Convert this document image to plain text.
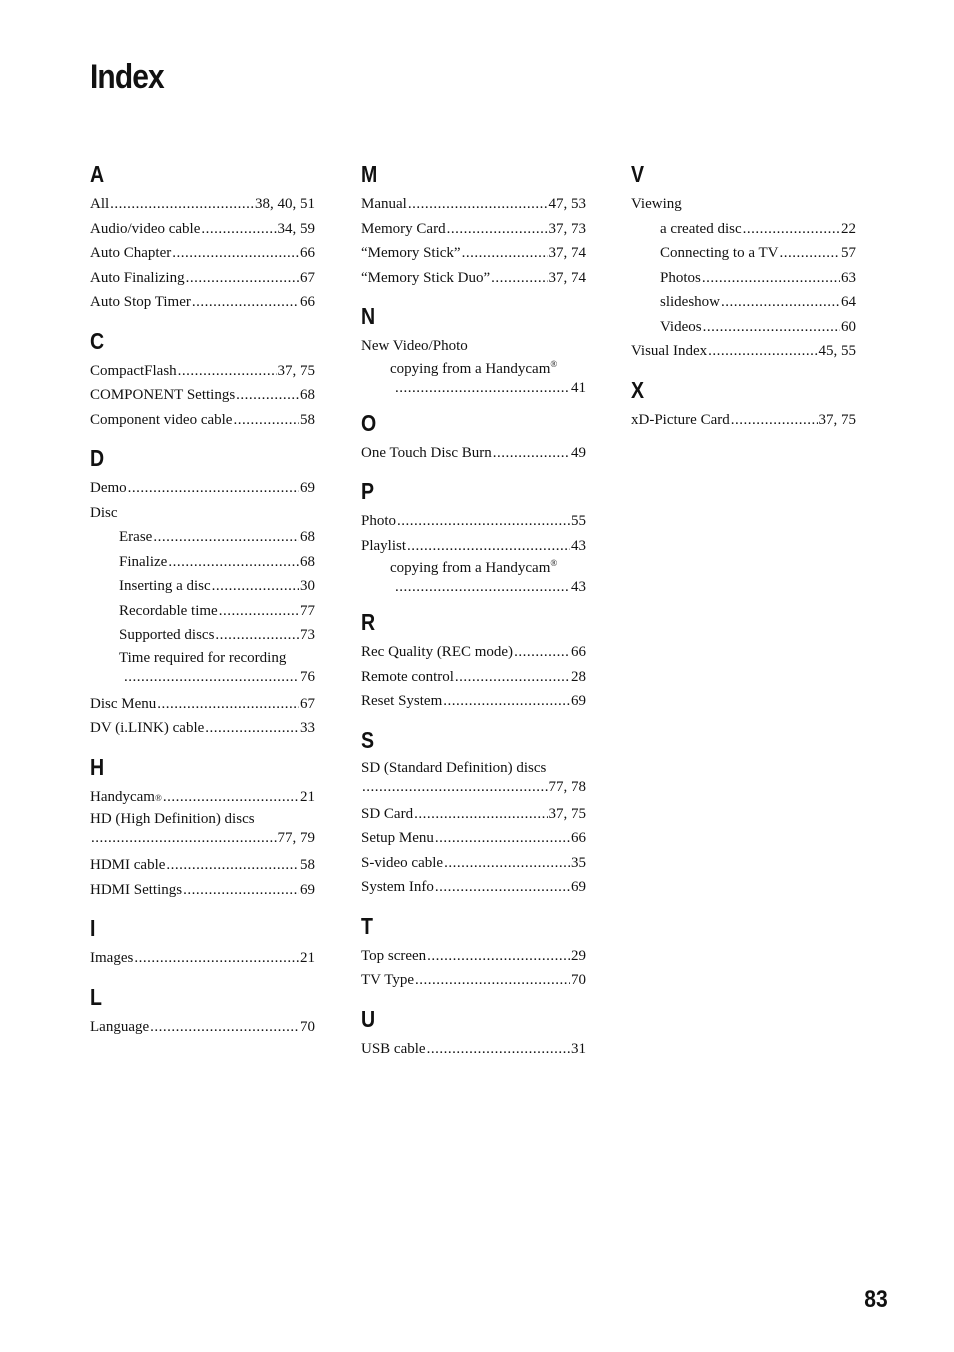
Index
A
All .....	38, 40, 51
Audio/video cable .....	34, 59
Auto Chapter .....	66
Auto Finalizing .....	67
Auto Stop Timer .....	66
C
CompactFlash .....	37, 75
COMPONENT Settings .....	68
Component video cable .....	58
D
Demo .....	69
Disc
Erase .....	68
Finalize .....	68
Inserting a disc .....	30
Recordable time .....	77
Supported discs .....	73
Time required for recording
.....
76
Disc Menu .....	67
DV (i.LINK) cable .....	33
H
Handycam ® .....	21
HD (High Definition) discs
.....
77, 79
HDMI cable .....	58
HDMI Settings .....	69
I
Images .....	21
L
Language .....	70
M
Manual .....	47, 53
Memory Card .....	37, 73
“Memory Stick” .....	37, 74
“Memory Stick Duo” .....	37, 74
N
New Video/Photo
copying from a Handycam®
.....
41
O
One Touch Disc Burn .....	49
P
Photo .....	55
Playlist .....	43
copying from a Handycam®
.....
43
R
Rec Quality (REC mode) .....	66
Remote control .....	28
Reset System .....	69
S
SD (Standard Definition) discs
.....
77, 78
SD Card .....	37, 75
Setup Menu .....	66
S-video cable .....	35
System Info .....	69
T
Top screen .....	29
TV Type .....	70
U
USB cable .....	31
V
Viewing
a created disc .....	22
Connecting to a TV .....	57
Photos .....	63
slideshow .....	64
Videos .....	60
Visual Index .....	45, 55
X
xD-Picture Card .....	37, 75
83
